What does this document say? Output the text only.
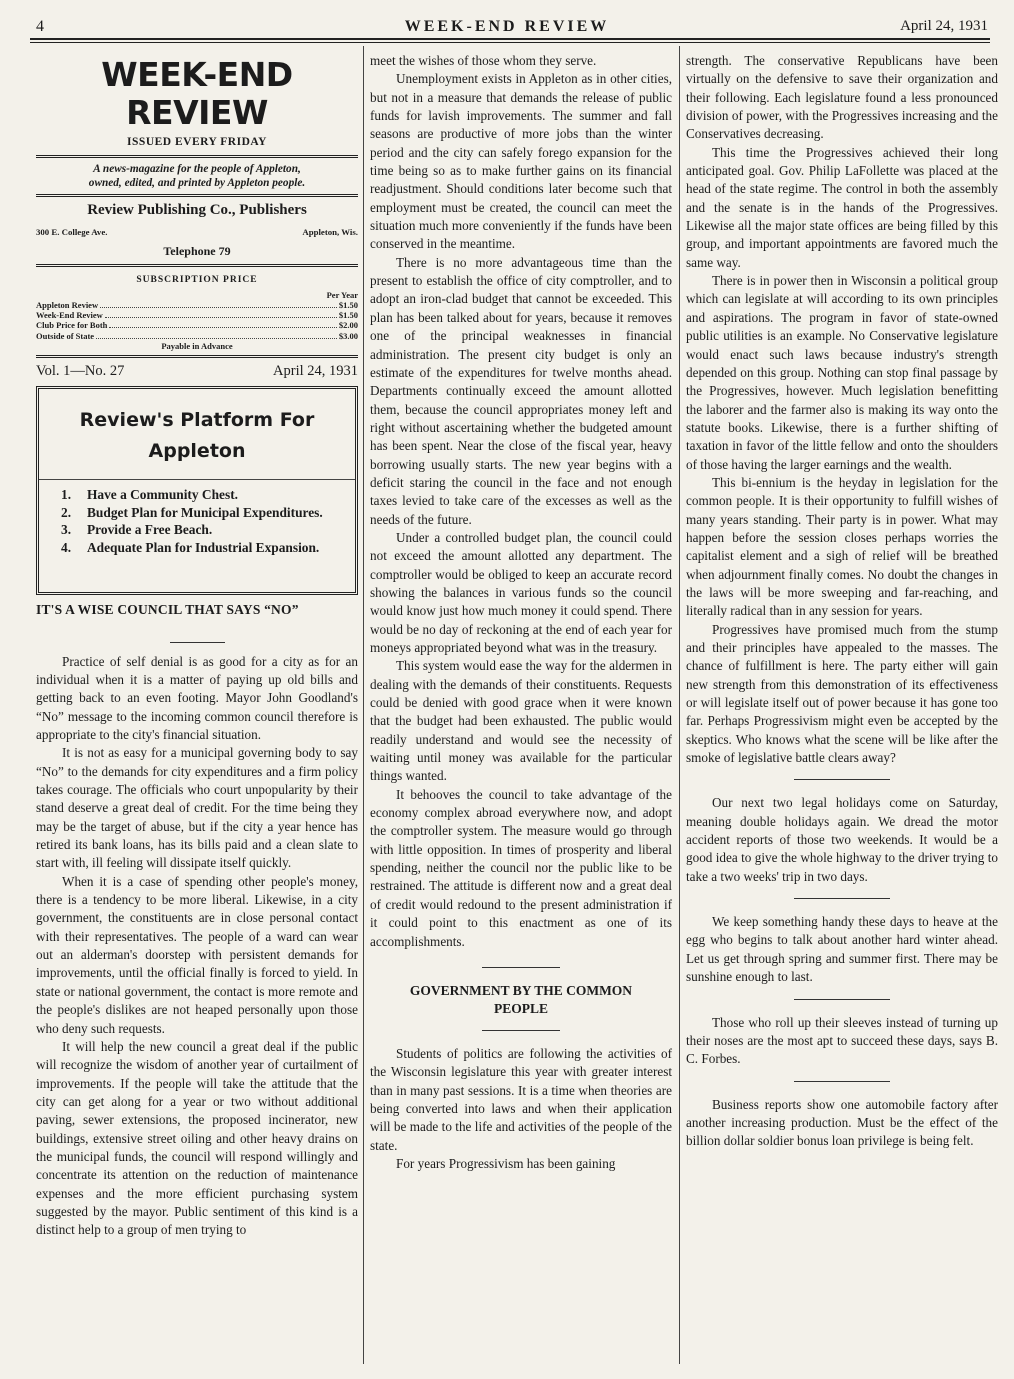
4	WEEK-END REVIEW	April 24, 1931
WEEK-END REVIEW
ISSUED EVERY FRIDAY
A news-magazine for the people of Appleton,
owned, edited, and printed by Appleton people.
Review Publishing Co., Publishers
300 E. College Ave.	Appleton, Wis.
Telephone 79
SUBSCRIPTION PRICE
Per Year
Appleton Review	$1.50
Week-End Review	$1.50
Club Price for Both	$2.00
Outside of State	$3.00
Payable in Advance
Vol. 1—No. 27	April 24, 1931
Review's Platform For
Appleton
1.	Have a Community Chest.
2.	Budget Plan for Municipal Expenditures.
3.	Provide a Free Beach.
4.	Adequate Plan for Industrial Expansion.
IT'S A WISE COUNCIL THAT SAYS “NO”

Practice of self denial is as good for a city as for an individual when it is a matter of paying up old bills and getting back to an even footing. Mayor John Goodland's “No” message to the incoming common council therefore is appropriate to the city's financial situation.

It is not as easy for a municipal governing body to say “No” to the demands for city expenditures and a firm policy takes courage. The officials who court unpopularity by their stand deserve a great deal of credit. For the time being they may be the target of abuse, but if the city a year hence has retired its bank loans, has its bills paid and a clean slate to start with, ill feeling will dissipate itself quickly.

When it is a case of spending other people's money, there is a tendency to be more liberal. Likewise, in a city government, the constituents are in close personal contact with their representatives. The people of a ward can wear out an alderman's doorstep with persistent demands for improvements, until the official finally is forced to yield. In state or national government, the contact is more remote and the people's dislikes are not heaped personally upon those who deny such requests.

It will help the new council a great deal if the public will recognize the wisdom of another year of curtailment of improvements. If the people will take the attitude that the city can get along for a year or two without additional paving, sewer extensions, the proposed incinerator, new buildings, extensive street oiling and other heavy drains on the municipal funds, the council will respond willingly and concentrate its attention on the reduction of maintenance expenses and the more efficient purchasing system suggested by the mayor. Public sentiment of this kind is a distinct help to a group of men trying to

meet the wishes of those whom they serve.

Unemployment exists in Appleton as in other cities, but not in a measure that demands the release of public funds for lavish improvements. The summer and fall seasons are productive of more jobs than the winter period and the city can safely forego expansion for the time being so as to make further gains on its financial readjustment. Should conditions later become such that employment must be created, the council can meet the situation much more conveniently if the funds have been conserved in the meantime.

There is no more advantageous time than the present to establish the office of city comptroller, and to adopt an iron-clad budget that cannot be exceeded. This plan has been talked about for years, because it removes one of the principal weaknesses in financial administration. The present city budget is only an estimate of the expenditures for twelve months ahead. Departments continually exceed the amount allotted them, because the council appropriates money left and right without ascertaining whether the budgeted amount has been spent. Near the close of the fiscal year, heavy borrowing usually starts. The new year begins with a deficit staring the council in the face and not enough taxes levied to take care of the excesses as well as the needs of the future.

Under a controlled budget plan, the council could not exceed the amount allotted any department. The comptroller would be obliged to keep an accurate record showing the balances in various funds so the council would know just how much money it could spend. There would be no day of reckoning at the end of each year for moneys appropriated beyond what was in the treasury.

This system would ease the way for the aldermen in dealing with the demands of their constituents. Requests could be denied with good grace when it were known that the budget had been exhausted. The public would readily understand and would see the necessity of waiting until money was available for the particular things wanted.

It behooves the council to take advantage of the economy complex abroad everywhere now, and adopt the comptroller system. The measure would go through with little opposition. In times of prosperity and liberal spending, neither the council nor the public like to be restrained. The attitude is different now and a great deal of credit would redound to the present administration if it could point to this enactment as one of its accomplishments.

GOVERNMENT BY THE COMMON
PEOPLE

Students of politics are following the activities of the Wisconsin legislature this year with greater interest than in many past sessions. It is a time when theories are being converted into laws and when their application will be made to the life and activities of the people of the state.

For years Progressivism has been gaining

strength. The conservative Republicans have been virtually on the defensive to save their organization and their following. Each legislature found a less pronounced division of power, with the Progressives increasing and the Conservatives decreasing.

This time the Progressives achieved their long anticipated goal. Gov. Philip LaFollette was placed at the head of the state regime. The control in both the assembly and the senate is in the hands of the Progressives. Likewise all the major state offices are being filled by this group, and important appointments are favored much the same way.

There is in power then in Wisconsin a political group which can legislate at will according to its own principles and aspirations. The program in favor of state-owned public utilities is an example. No Conservative legislature would enact such laws because industry's strength depended on this group. Nothing can stop final passage by the Progressives, however. Much legislation benefitting the laborer and the farmer also is making its way onto the statute books. Likewise, there is a further shifting of taxation in favor of the little fellow and onto the shoulders of those having the larger earnings and the wealth.

This bi-ennium is the heyday in legislation for the common people. It is their opportunity to fulfill wishes of many years standing. Their party is in power. What may happen before the session closes perhaps worries the capitalist element and a sigh of relief will be breathed when adjournment finally comes. No doubt the changes in the laws will be more sweeping and far-reaching, and literally radical than in any session for years.

Progressives have promised much from the stump and their principles have appealed to the masses. The chance of fulfillment is here. The party either will gain new strength from this demonstration of its effectiveness or will legislate itself out of power because it has gone too far. Perhaps Progressivism might even be accepted by the skeptics. Who knows what the scene will be like after the smoke of legislative battle clears away?

Our next two legal holidays come on Saturday, meaning double holidays again. We dread the motor accident reports of those two weekends. It would be a good idea to give the whole highway to the driver trying to take a two weeks' trip in two days.

We keep something handy these days to heave at the egg who begins to talk about another hard winter ahead. Let us get through spring and summer first. There may be sunshine enough to last.

Those who roll up their sleeves instead of turning up their noses are the most apt to succeed these days, says B. C. Forbes.

Business reports show one automobile factory after another increasing production. Must be the effect of the billion dollar soldier bonus loan privilege is being felt.
